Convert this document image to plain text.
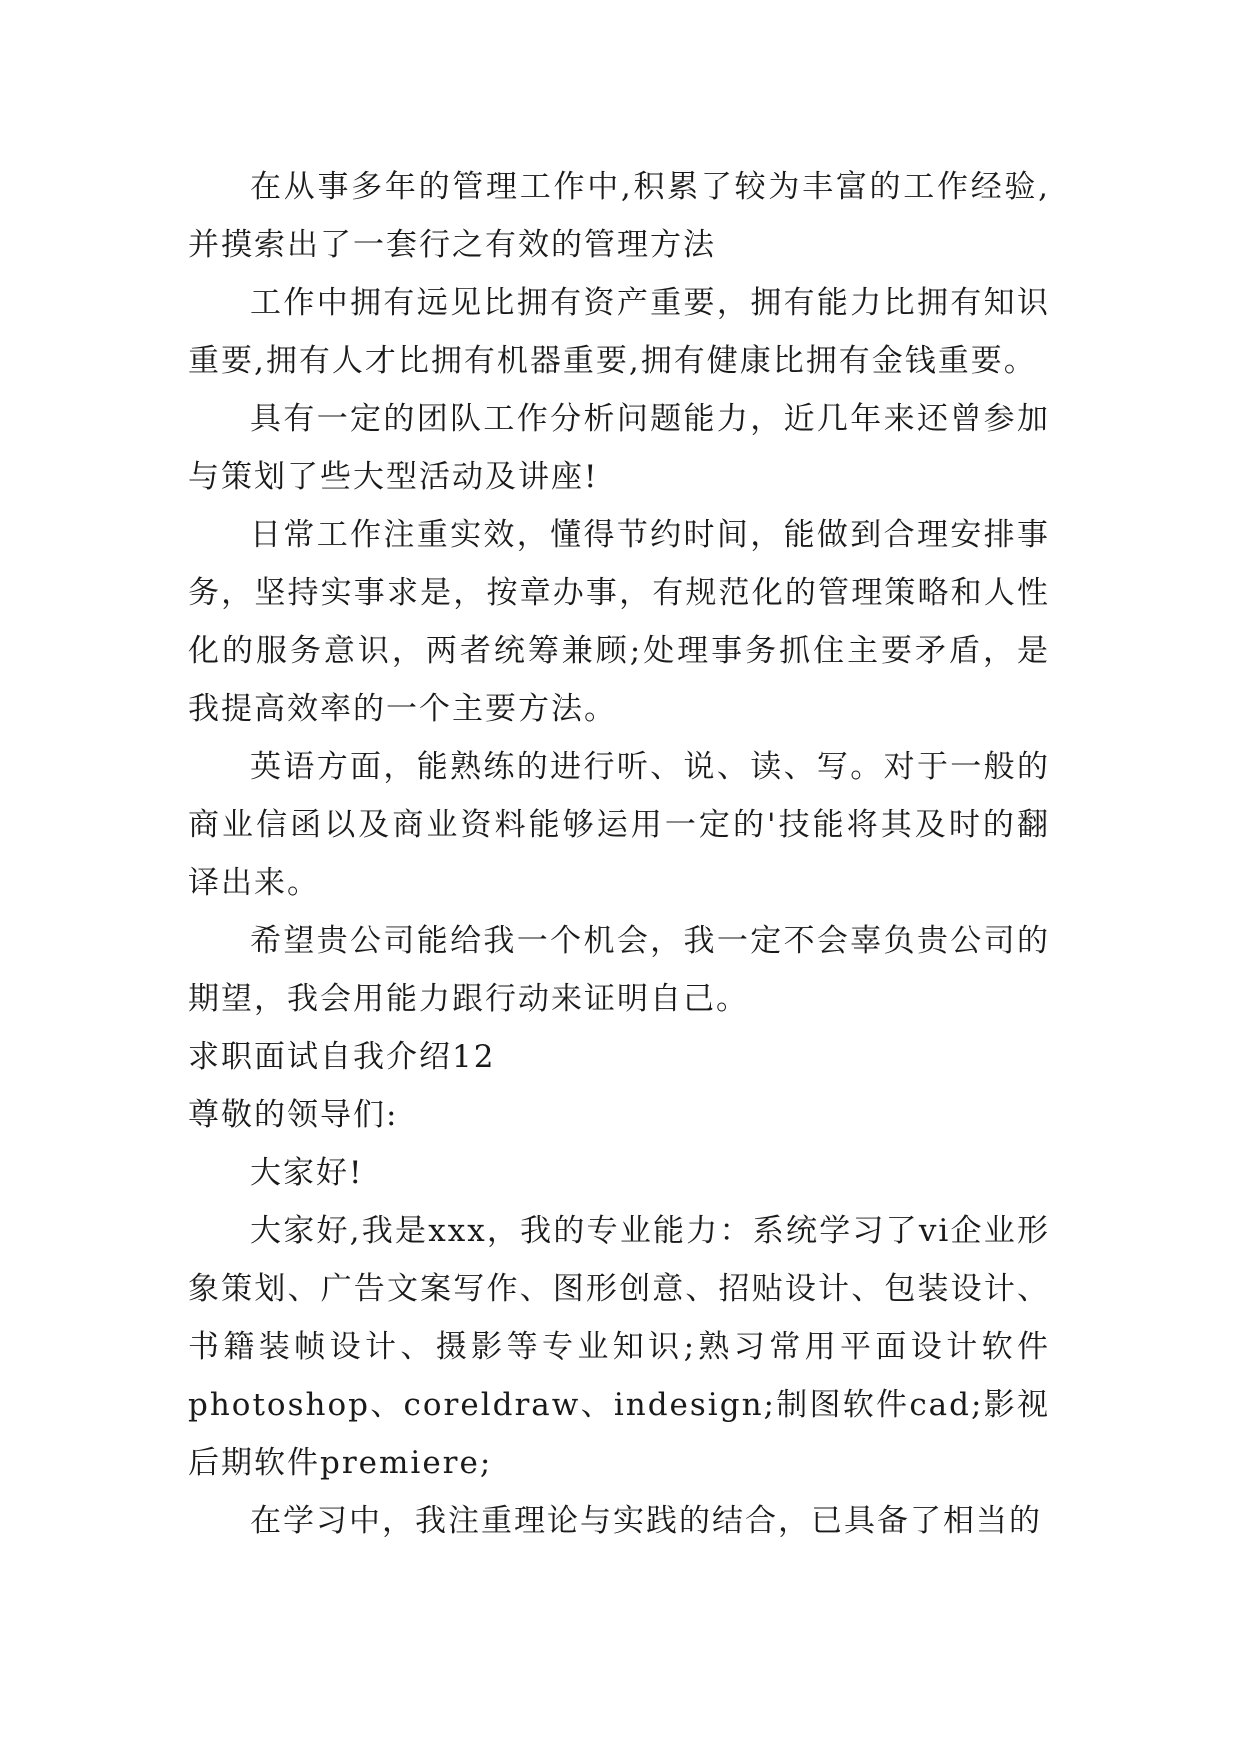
在从事多年的管理工作中,积累了较为丰富的工作经验,并摸索出了一套行之有效的管理方法

工作中拥有远见比拥有资产重要，拥有能力比拥有知识重要,拥有人才比拥有机器重要,拥有健康比拥有金钱重要。

具有一定的团队工作分析问题能力，近几年来还曾参加与策划了些大型活动及讲座!

日常工作注重实效，懂得节约时间，能做到合理安排事务，坚持实事求是，按章办事，有规范化的管理策略和人性化的服务意识，两者统筹兼顾;处理事务抓住主要矛盾，是我提高效率的一个主要方法。

英语方面，能熟练的进行听、说、读、写。对于一般的商业信函以及商业资料能够运用一定的'技能将其及时的翻译出来。

希望贵公司能给我一个机会，我一定不会辜负贵公司的期望，我会用能力跟行动来证明自己。

求职面试自我介绍12

尊敬的领导们:

大家好!

大家好,我是xxx，我的专业能力：系统学习了vi企业形象策划、广告文案写作、图形创意、招贴设计、包装设计、书籍装帧设计、摄影等专业知识;熟习常用平面设计软件photoshop、coreldraw、indesign;制图软件cad;影视后期软件premiere;

在学习中，我注重理论与实践的结合，已具备了相当的
